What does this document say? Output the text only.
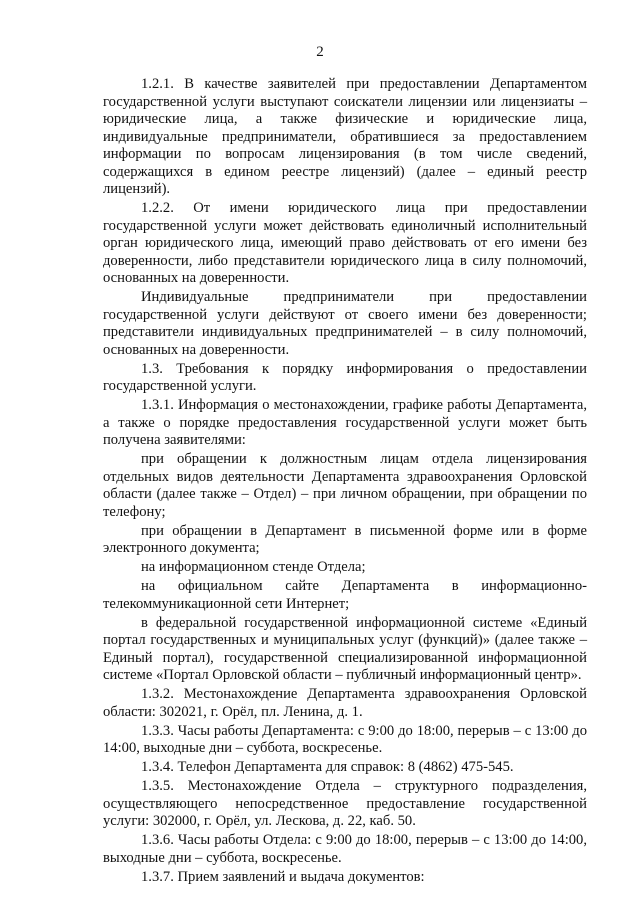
2

1.2.1. В качестве заявителей при предоставлении Департаментом государственной услуги выступают соискатели лицензии или лицензиаты – юридические лица, а также физические и юридические лица, индивидуальные предприниматели, обратившиеся за предоставлением информации по вопросам лицензирования (в том числе сведений, содержащихся в едином реестре лицензий) (далее – единый реестр лицензий).

1.2.2. От имени юридического лица при предоставлении государственной услуги может действовать единоличный исполнительный орган юридического лица, имеющий право действовать от его имени без доверенности, либо представители юридического лица в силу полномочий, основанных на доверенности.

Индивидуальные предприниматели при предоставлении государственной услуги действуют от своего имени без доверенности; представители индивидуальных предпринимателей – в силу полномочий, основанных на доверенности.

1.3. Требования к порядку информирования о предоставлении государственной услуги.

1.3.1. Информация о местонахождении, графике работы Департамента, а также о порядке предоставления государственной услуги может быть получена заявителями:

при обращении к должностным лицам отдела лицензирования отдельных видов деятельности Департамента здравоохранения Орловской области (далее также – Отдел) – при личном обращении, при обращении по телефону;

при обращении в Департамент в письменной форме или в форме электронного документа;

на информационном стенде Отдела;

на официальном сайте Департамента в информационно-телекоммуникационной сети Интернет;

в федеральной государственной информационной системе «Единый портал государственных и муниципальных услуг (функций)» (далее также – Единый портал), государственной специализированной информационной системе «Портал Орловской области – публичный информационный центр».

1.3.2. Местонахождение Департамента здравоохранения Орловской области: 302021, г. Орёл, пл. Ленина, д. 1.

1.3.3. Часы работы Департамента: с 9:00 до 18:00, перерыв – с 13:00 до 14:00, выходные дни – суббота, воскресенье.

1.3.4. Телефон Департамента для справок: 8 (4862) 475-545.

1.3.5. Местонахождение Отдела – структурного подразделения, осуществляющего непосредственное предоставление государственной услуги: 302000, г. Орёл, ул. Лескова, д. 22, каб. 50.

1.3.6. Часы работы Отдела: с 9:00 до 18:00, перерыв – с 13:00 до 14:00, выходные дни – суббота, воскресенье.

1.3.7. Прием заявлений и выдача документов:
